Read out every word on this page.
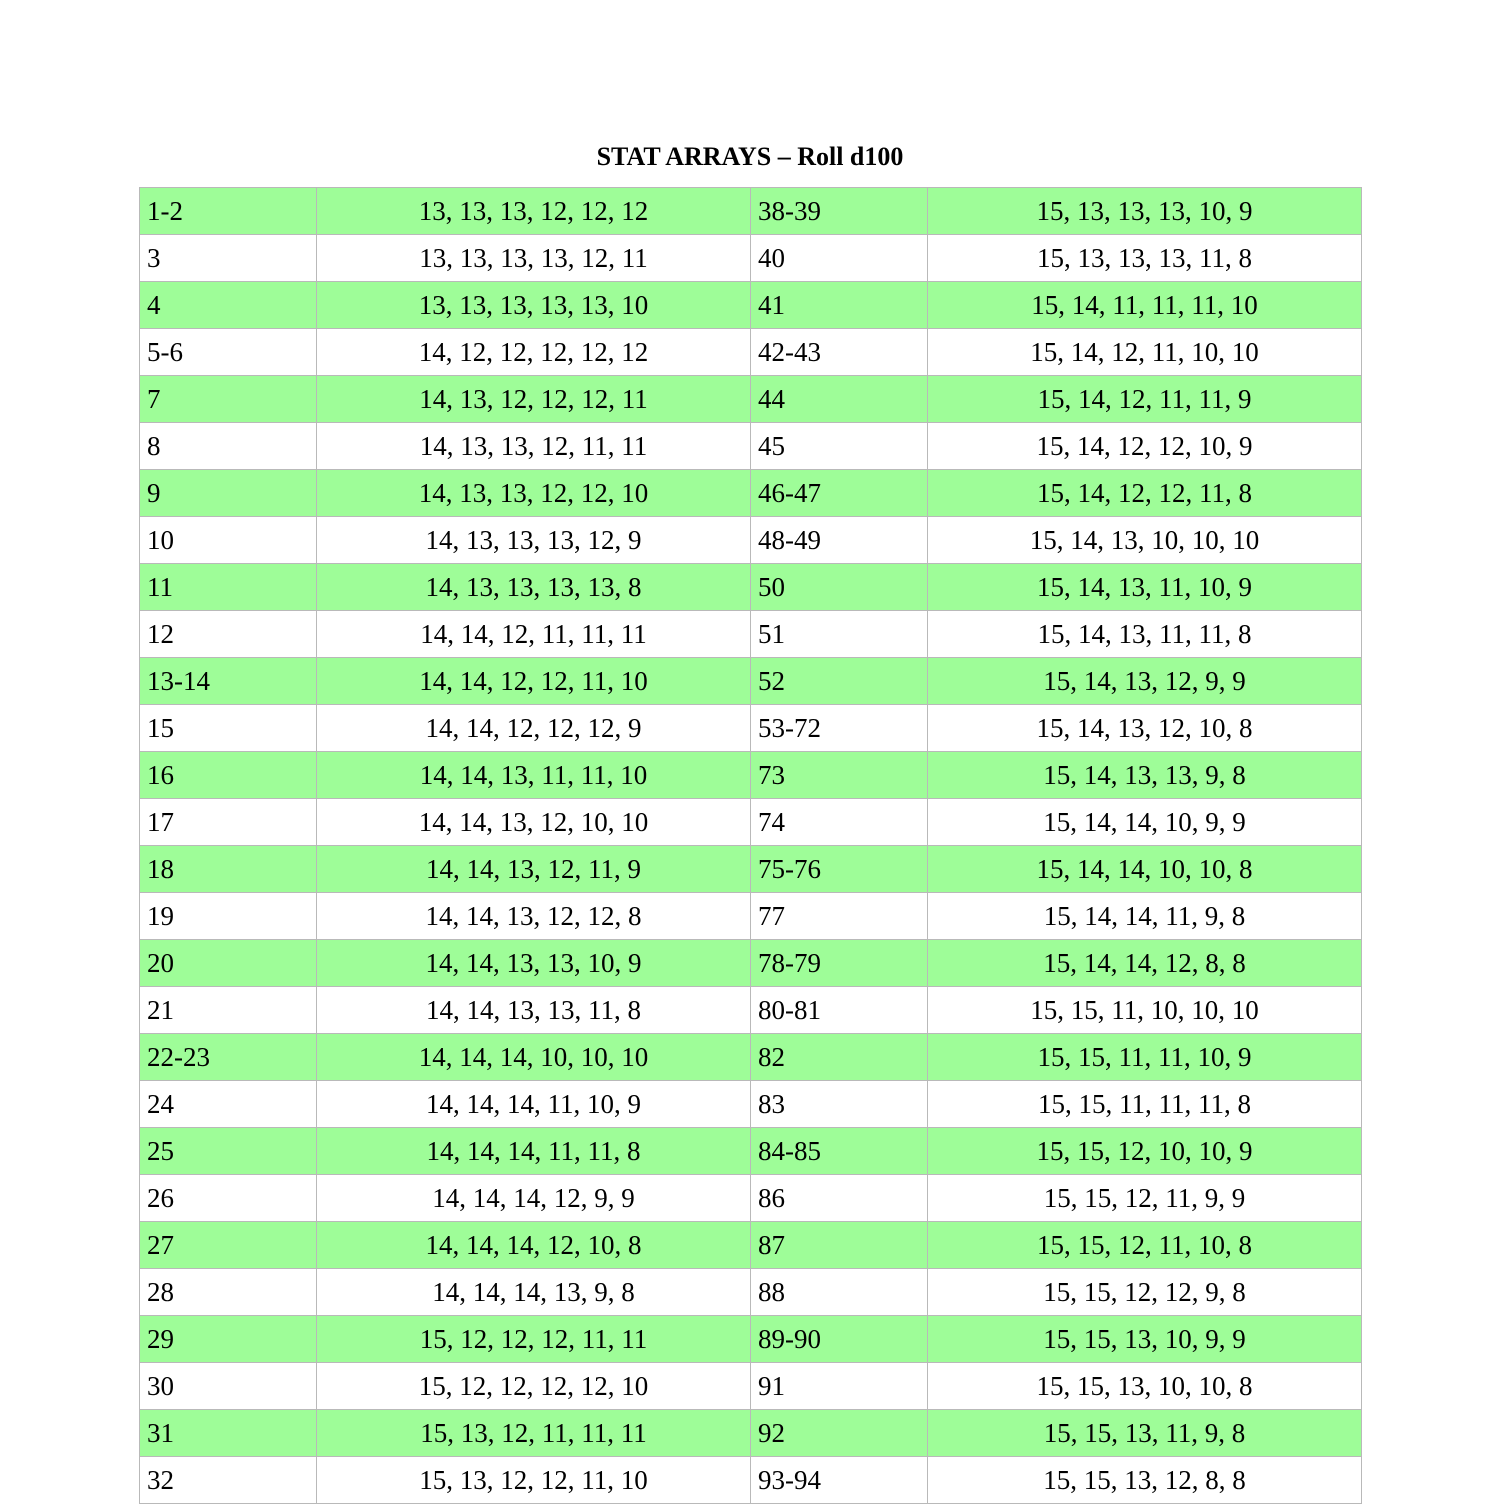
STAT ARRAYS – Roll d100
1-2	13, 13, 13, 12, 12, 12	38-39	15, 13, 13, 13, 10, 9
3	13, 13, 13, 13, 12, 11	40	15, 13, 13, 13, 11, 8
4	13, 13, 13, 13, 13, 10	41	15, 14, 11, 11, 11, 10
5-6	14, 12, 12, 12, 12, 12	42-43	15, 14, 12, 11, 10, 10
7	14, 13, 12, 12, 12, 11	44	15, 14, 12, 11, 11, 9
8	14, 13, 13, 12, 11, 11	45	15, 14, 12, 12, 10, 9
9	14, 13, 13, 12, 12, 10	46-47	15, 14, 12, 12, 11, 8
10	14, 13, 13, 13, 12, 9	48-49	15, 14, 13, 10, 10, 10
11	14, 13, 13, 13, 13, 8	50	15, 14, 13, 11, 10, 9
12	14, 14, 12, 11, 11, 11	51	15, 14, 13, 11, 11, 8
13-14	14, 14, 12, 12, 11, 10	52	15, 14, 13, 12, 9, 9
15	14, 14, 12, 12, 12, 9	53-72	15, 14, 13, 12, 10, 8
16	14, 14, 13, 11, 11, 10	73	15, 14, 13, 13, 9, 8
17	14, 14, 13, 12, 10, 10	74	15, 14, 14, 10, 9, 9
18	14, 14, 13, 12, 11, 9	75-76	15, 14, 14, 10, 10, 8
19	14, 14, 13, 12, 12, 8	77	15, 14, 14, 11, 9, 8
20	14, 14, 13, 13, 10, 9	78-79	15, 14, 14, 12, 8, 8
21	14, 14, 13, 13, 11, 8	80-81	15, 15, 11, 10, 10, 10
22-23	14, 14, 14, 10, 10, 10	82	15, 15, 11, 11, 10, 9
24	14, 14, 14, 11, 10, 9	83	15, 15, 11, 11, 11, 8
25	14, 14, 14, 11, 11, 8	84-85	15, 15, 12, 10, 10, 9
26	14, 14, 14, 12, 9, 9	86	15, 15, 12, 11, 9, 9
27	14, 14, 14, 12, 10, 8	87	15, 15, 12, 11, 10, 8
28	14, 14, 14, 13, 9, 8	88	15, 15, 12, 12, 9, 8
29	15, 12, 12, 12, 11, 11	89-90	15, 15, 13, 10, 9, 9
30	15, 12, 12, 12, 12, 10	91	15, 15, 13, 10, 10, 8
31	15, 13, 12, 11, 11, 11	92	15, 15, 13, 11, 9, 8
32	15, 13, 12, 12, 11, 10	93-94	15, 15, 13, 12, 8, 8
